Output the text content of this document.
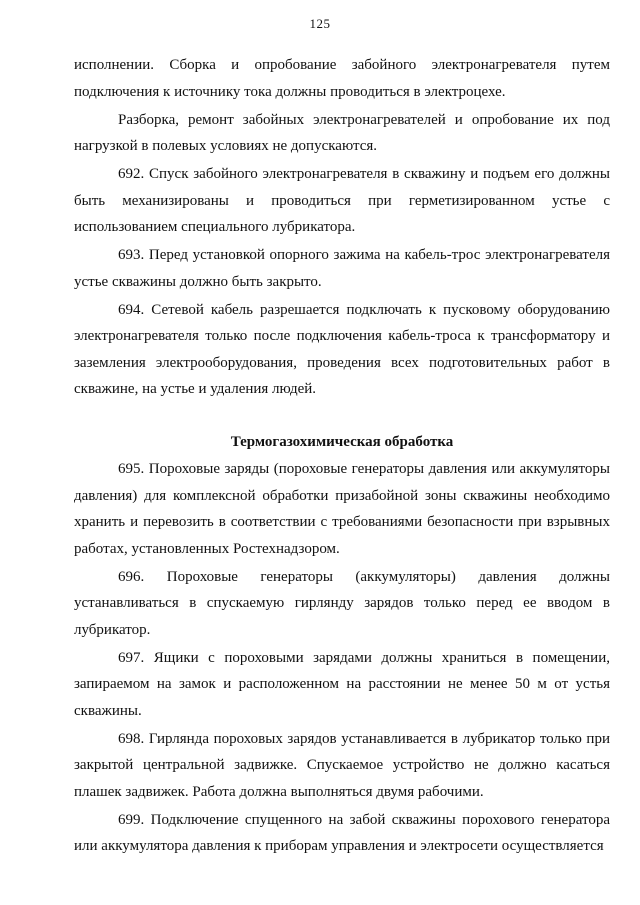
125

исполнении. Сборка и опробование забойного электронагревателя путем подключения к источнику тока должны проводиться в электроцехе.

Разборка, ремонт забойных электронагревателей и опробование их под нагрузкой в полевых условиях не допускаются.

692. Спуск забойного электронагревателя в скважину и подъем его должны быть механизированы и проводиться при герметизированном устье с использованием специального лубрикатора.

693. Перед установкой опорного зажима на кабель-трос электронагревателя устье скважины должно быть закрыто.

694. Сетевой кабель разрешается подключать к пусковому оборудованию электронагревателя только после подключения кабель-троса к трансформатору и заземления электрооборудования, проведения всех подготовительных работ в скважине, на устье и удаления людей.

Термогазохимическая обработка

695. Пороховые заряды (пороховые генераторы давления или аккумуляторы давления) для комплексной обработки призабойной зоны скважины необходимо хранить и перевозить в соответствии с требованиями безопасности при взрывных работах, установленных Ростехнадзором.

696. Пороховые генераторы (аккумуляторы) давления должны устанавливаться в спускаемую гирлянду зарядов только перед ее вводом в лубрикатор.

697. Ящики с пороховыми зарядами должны храниться в помещении, запираемом на замок и расположенном на расстоянии не менее 50 м от устья скважины.

698. Гирлянда пороховых зарядов устанавливается в лубрикатор только при закрытой центральной задвижке. Спускаемое устройство не должно касаться плашек задвижек. Работа должна выполняться двумя рабочими.

699. Подключение спущенного на забой скважины порохового генератора или аккумулятора давления к приборам управления и электросети осуществляется
